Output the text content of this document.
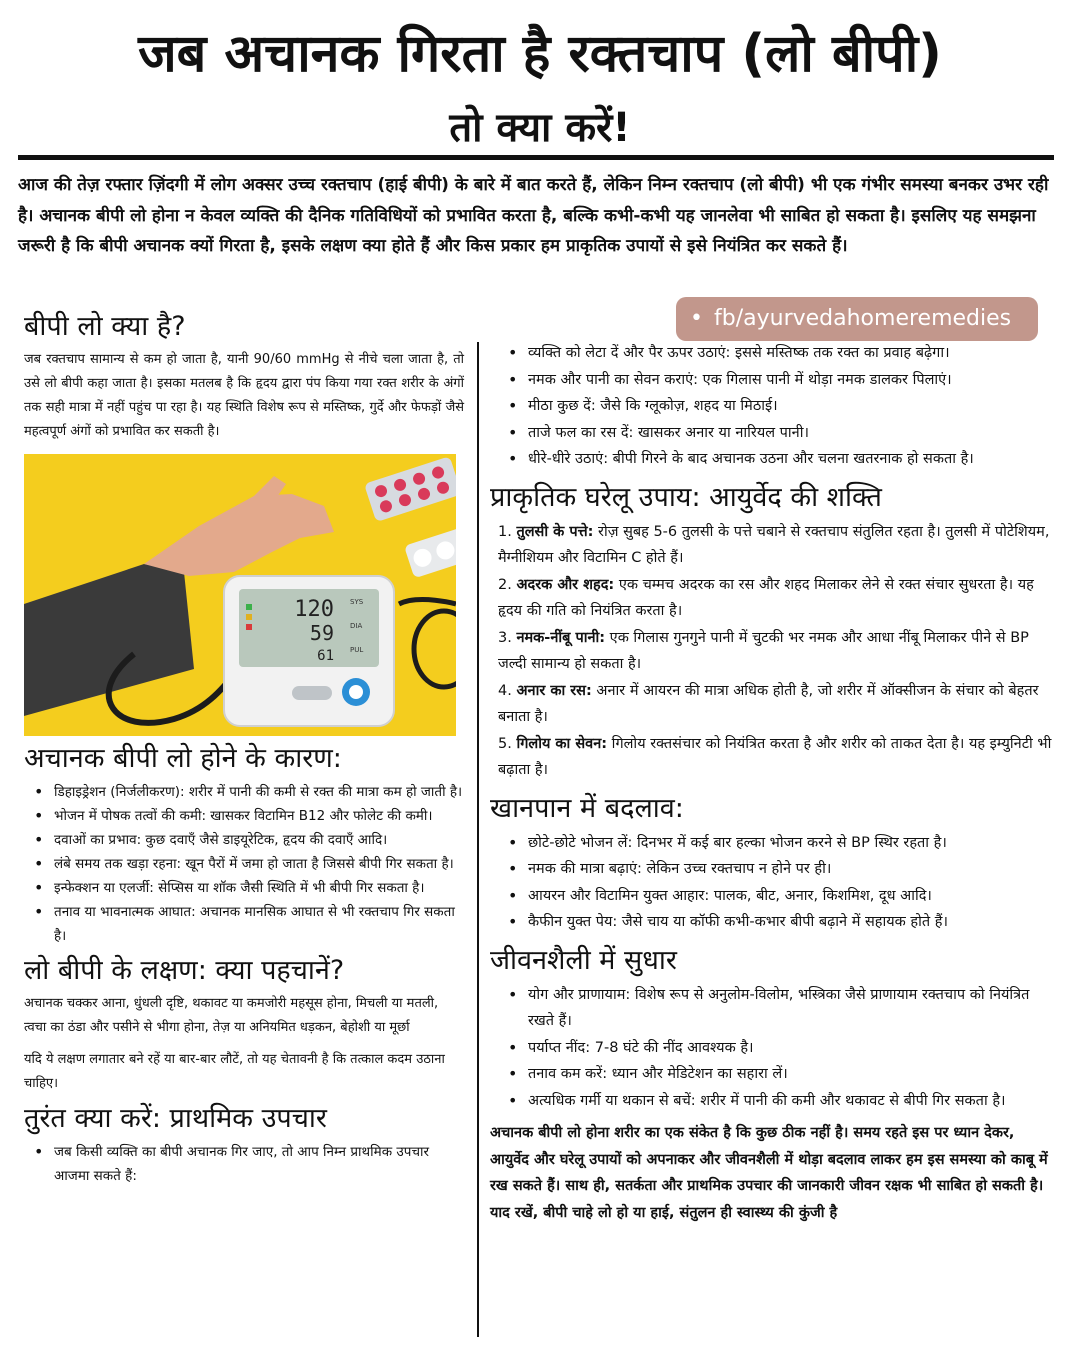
जब अचानक गिरता है रक्तचाप (लो बीपी)
तो क्या करें!
आज की तेज़ रफ्तार ज़िंदगी में लोग अक्सर उच्च रक्तचाप (हाई बीपी) के बारे में बात करते हैं, लेकिन निम्न रक्तचाप (लो बीपी) भी एक गंभीर समस्या बनकर उभर रही है। अचानक बीपी लो होना न केवल व्यक्ति की दैनिक गतिविधियों को प्रभावित करता है, बल्कि कभी-कभी यह जानलेवा भी साबित हो सकता है। इसलिए यह समझना जरूरी है कि बीपी अचानक क्यों गिरता है, इसके लक्षण क्या होते हैं और किस प्रकार हम प्राकृतिक उपायों से इसे नियंत्रित कर सकते हैं।
• fb/ayurvedahomeremedies
बीपी लो क्या है?

जब रक्तचाप सामान्य से कम हो जाता है, यानी 90/60 mmHg से नीचे चला जाता है, तो उसे लो बीपी कहा जाता है। इसका मतलब है कि हृदय द्वारा पंप किया गया रक्त शरीर के अंगों तक सही मात्रा में नहीं पहुंच पा रहा है। यह स्थिति विशेष रूप से मस्तिष्क, गुर्दे और फेफड़ों जैसे महत्वपूर्ण अंगों को प्रभावित कर सकती है।

120
59
61
SYS
DIA
PUL
अचानक बीपी लो होने के कारण:
• डिहाइड्रेशन (निर्जलीकरण): शरीर में पानी की कमी से रक्त की मात्रा कम हो जाती है।
• भोजन में पोषक तत्वों की कमी: खासकर विटामिन B12 और फोलेट की कमी।
• दवाओं का प्रभाव: कुछ दवाएँ जैसे डाइयूरेटिक, हृदय की दवाएँ आदि।
• लंबे समय तक खड़ा रहना: खून पैरों में जमा हो जाता है जिससे बीपी गिर सकता है।
• इन्फेक्शन या एलर्जी: सेप्सिस या शॉक जैसी स्थिति में भी बीपी गिर सकता है।
• तनाव या भावनात्मक आघात: अचानक मानसिक आघात से भी रक्तचाप गिर सकता है।
लो बीपी के लक्षण: क्या पहचानें?

अचानक चक्कर आना, धुंधली दृष्टि, थकावट या कमजोरी महसूस होना, मिचली या मतली, त्वचा का ठंडा और पसीने से भीगा होना, तेज़ या अनियमित धड़कन, बेहोशी या मूर्छा

यदि ये लक्षण लगातार बने रहें या बार-बार लौटें, तो यह चेतावनी है कि तत्काल कदम उठाना चाहिए।

तुरंत क्या करें: प्राथमिक उपचार
• जब किसी व्यक्ति का बीपी अचानक गिर जाए, तो आप निम्न प्राथमिक उपचार आजमा सकते हैं:
• व्यक्ति को लेटा दें और पैर ऊपर उठाएं: इससे मस्तिष्क तक रक्त का प्रवाह बढ़ेगा।
• नमक और पानी का सेवन कराएं: एक गिलास पानी में थोड़ा नमक डालकर पिलाएं।
• मीठा कुछ दें: जैसे कि ग्लूकोज़, शहद या मिठाई।
• ताजे फल का रस दें: खासकर अनार या नारियल पानी।
• धीरे-धीरे उठाएं: बीपी गिरने के बाद अचानक उठना और चलना खतरनाक हो सकता है।
प्राकृतिक घरेलू उपाय: आयुर्वेद की शक्ति

1. तुलसी के पत्ते: रोज़ सुबह 5-6 तुलसी के पत्ते चबाने से रक्तचाप संतुलित रहता है। तुलसी में पोटेशियम, मैग्नीशियम और विटामिन C होते हैं।

2. अदरक और शहद: एक चम्मच अदरक का रस और शहद मिलाकर लेने से रक्त संचार सुधरता है। यह हृदय की गति को नियंत्रित करता है।

3. नमक-नींबू पानी: एक गिलास गुनगुने पानी में चुटकी भर नमक और आधा नींबू मिलाकर पीने से BP जल्दी सामान्य हो सकता है।

4. अनार का रस: अनार में आयरन की मात्रा अधिक होती है, जो शरीर में ऑक्सीजन के संचार को बेहतर बनाता है।

5. गिलोय का सेवन: गिलोय रक्तसंचार को नियंत्रित करता है और शरीर को ताकत देता है। यह इम्युनिटी भी बढ़ाता है।

खानपान में बदलाव:
• छोटे-छोटे भोजन लें: दिनभर में कई बार हल्का भोजन करने से BP स्थिर रहता है।
• नमक की मात्रा बढ़ाएं: लेकिन उच्च रक्तचाप न होने पर ही।
• आयरन और विटामिन युक्त आहार: पालक, बीट, अनार, किशमिश, दूध आदि।
• कैफीन युक्त पेय: जैसे चाय या कॉफी कभी-कभार बीपी बढ़ाने में सहायक होते हैं।
जीवनशैली में सुधार
• योग और प्राणायाम: विशेष रूप से अनुलोम-विलोम, भस्त्रिका जैसे प्राणायाम रक्तचाप को नियंत्रित रखते हैं।
• पर्याप्त नींद: 7-8 घंटे की नींद आवश्यक है।
• तनाव कम करें: ध्यान और मेडिटेशन का सहारा लें।
• अत्यधिक गर्मी या थकान से बचें: शरीर में पानी की कमी और थकावट से बीपी गिर सकता है।

अचानक बीपी लो होना शरीर का एक संकेत है कि कुछ ठीक नहीं है। समय रहते इस पर ध्यान देकर, आयुर्वेद और घरेलू उपायों को अपनाकर और जीवनशैली में थोड़ा बदलाव लाकर हम इस समस्या को काबू में रख सकते हैं। साथ ही, सतर्कता और प्राथमिक उपचार की जानकारी जीवन रक्षक भी साबित हो सकती है। याद रखें, बीपी चाहे लो हो या हाई, संतुलन ही स्वास्थ्य की कुंजी है
